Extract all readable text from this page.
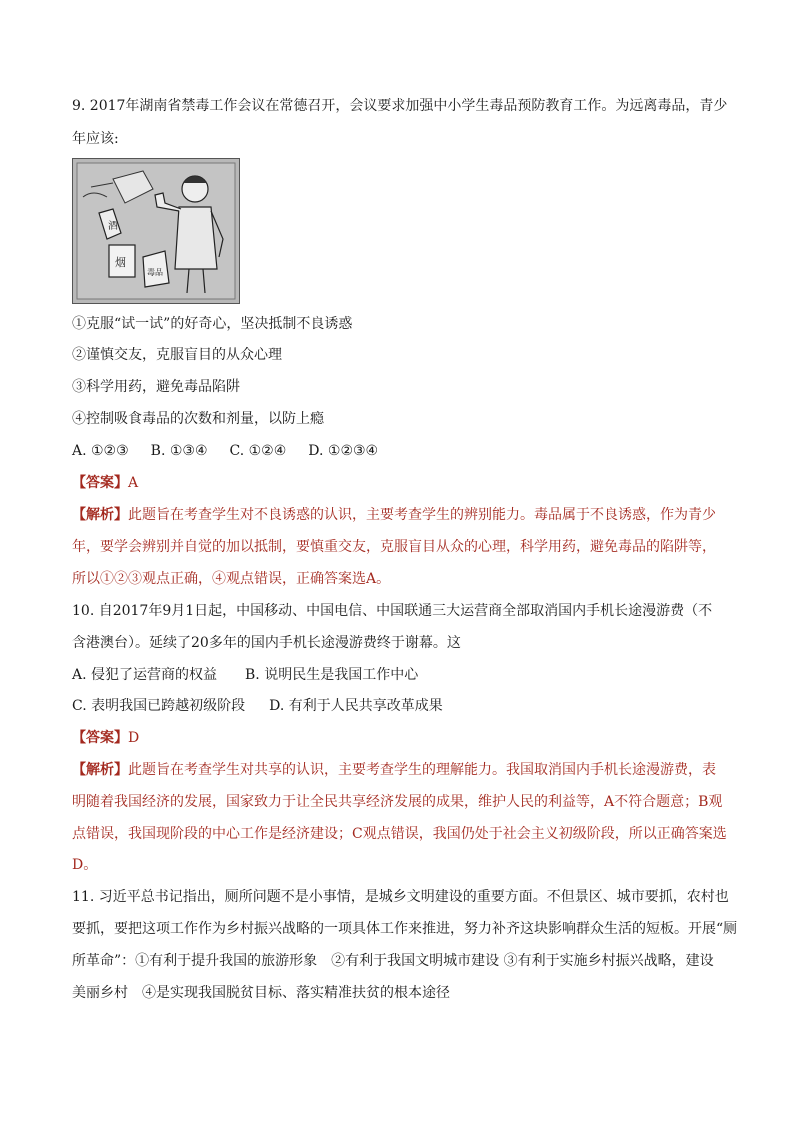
9. 2017年湖南省禁毒工作会议在常德召开，会议要求加强中小学生毒品预防教育工作。为远离毒品，青少

年应该:

酒
烟
毒品

①克服“试一试”的好奇心，坚决抵制不良诱惑

②谨慎交友，克服盲目的从众心理

③科学用药，避免毒品陷阱

④控制吸食毒品的次数和剂量，以防上瘾

A. ①②③ B. ①③④ C. ①②④ D. ①②③④

【答案】A

【解析】此题旨在考查学生对不良诱惑的认识，主要考查学生的辨别能力。毒品属于不良诱惑，作为青少

年，要学会辨别并自觉的加以抵制，要慎重交友，克服盲目从众的心理，科学用药，避免毒品的陷阱等，

所以①②③观点正确，④观点错误，正确答案选A。

10. 自2017年9月1日起，中国移动、中国电信、中国联通三大运营商全部取消国内手机长途漫游费（不

含港澳台）。延续了20多年的国内手机长途漫游费终于谢幕。这

A. 侵犯了运营商的权益 B. 说明民生是我国工作中心

C. 表明我国已跨越初级阶段 D. 有利于人民共享改革成果

【答案】D

【解析】此题旨在考查学生对共享的认识，主要考查学生的理解能力。我国取消国内手机长途漫游费，表

明随着我国经济的发展，国家致力于让全民共享经济发展的成果，维护人民的利益等，A不符合题意；B观

点错误，我国现阶段的中心工作是经济建设；C观点错误，我国仍处于社会主义初级阶段，所以正确答案选

D。

11. 习近平总书记指出，厕所问题不是小事情，是城乡文明建设的重要方面。不但景区、城市要抓，农村也

要抓，要把这项工作作为乡村振兴战略的一项具体工作来推进，努力补齐这块影响群众生活的短板。开展“厕

所革命”：①有利于提升我国的旅游形象　②有利于我国文明城市建设 ③有利于实施乡村振兴战略，建设

美丽乡村　④是实现我国脱贫目标、落实精准扶贫的根本途径
